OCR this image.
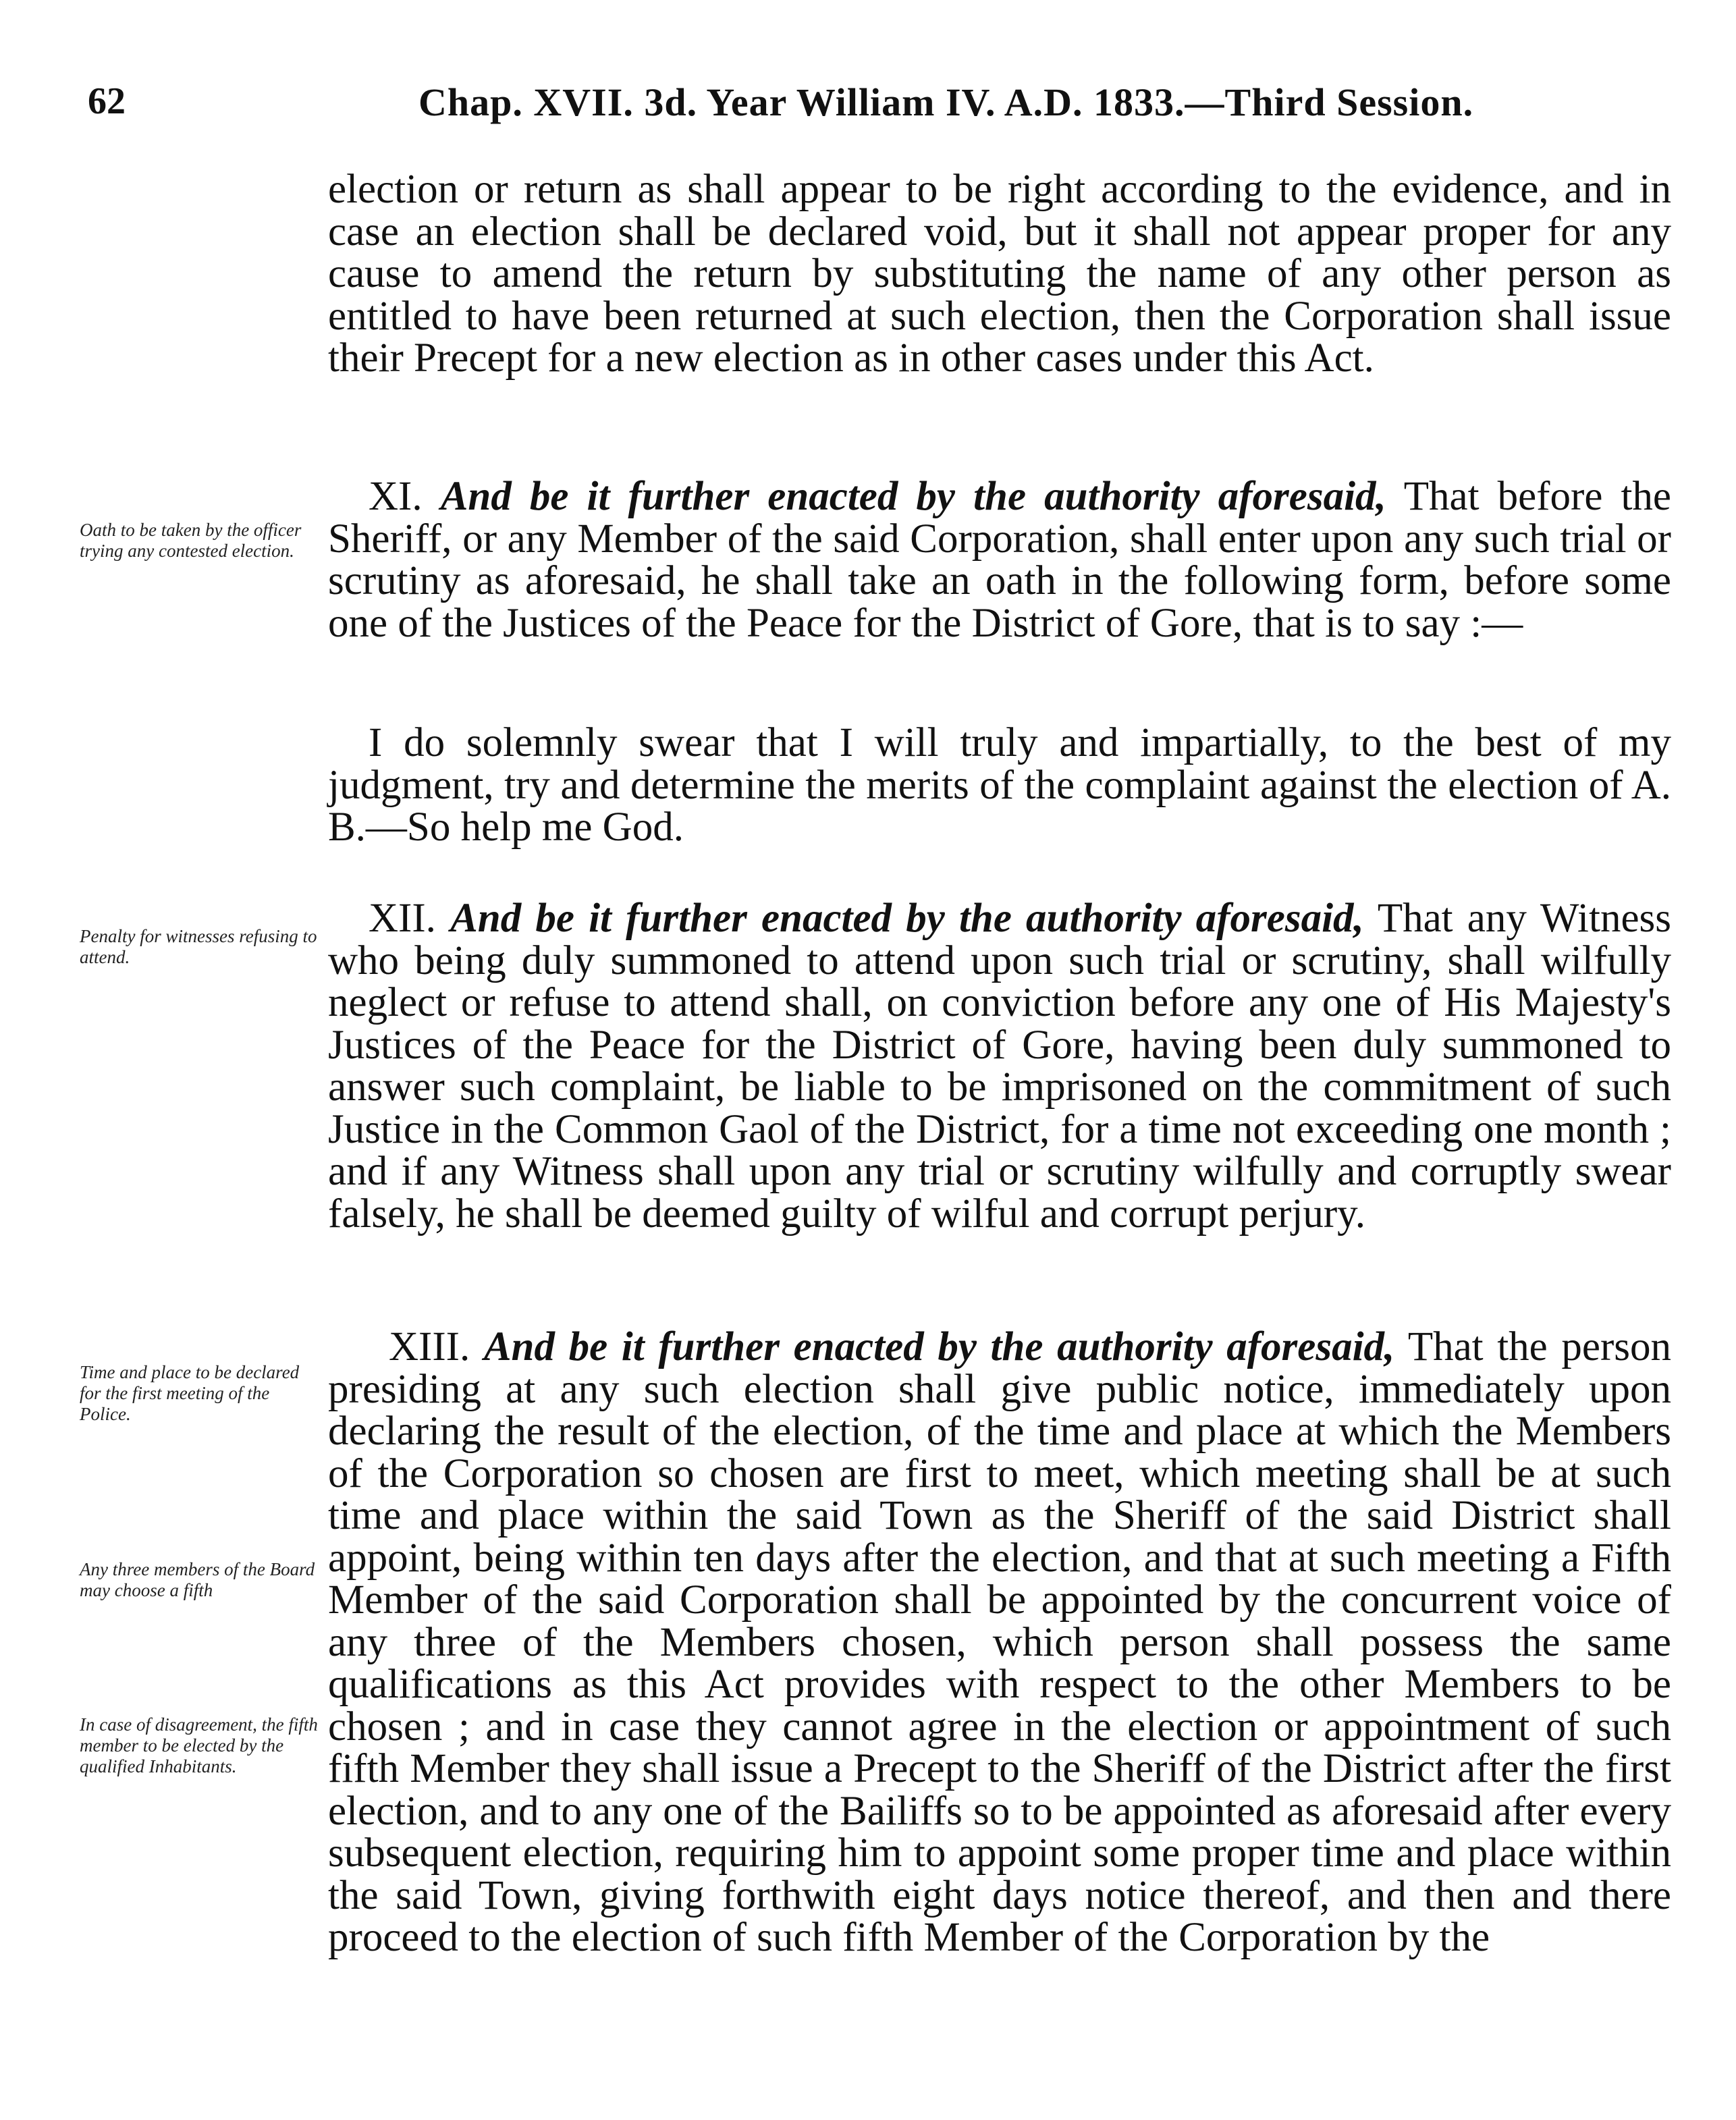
62	Chap. XVII. 3d. Year William IV. A.D. 1833.—Third Session.

election or return as shall appear to be right according to the evidence, and in case an election shall be declared void, but it shall not appear proper for any cause to amend the return by substituting the name of any other person as entitled to have been returned at such election, then the Corporation shall issue their Precept for a new election as in other cases under this Act.

Oath to be taken by the officer trying any contested election.

XI. And be it further enacted by the authority aforesaid, That before the Sheriff, or any Member of the said Corporation, shall enter upon any such trial or scrutiny as aforesaid, he shall take an oath in the following form, before some one of the Justices of the Peace for the District of Gore, that is to say :—

I do solemnly swear that I will truly and impartially, to the best of my judgment, try and determine the merits of the complaint against the election of A. B.—So help me God.

Penalty for witnesses refusing to attend.

XII. And be it further enacted by the authority aforesaid, That any Witness who being duly summoned to attend upon such trial or scrutiny, shall wilfully neglect or refuse to attend shall, on conviction before any one of His Majesty's Justices of the Peace for the District of Gore, having been duly summoned to answer such complaint, be liable to be imprisoned on the commitment of such Justice in the Common Gaol of the District, for a time not exceeding one month ; and if any Witness shall upon any trial or scrutiny wilfully and corruptly swear falsely, he shall be deemed guilty of wilful and corrupt perjury.

Time and place to be declared for the first meeting of the Police.
Any three members of the Board may choose a fifth
In case of disagreement, the fifth member to be elected by the qualified Inhabitants.

XIII. And be it further enacted by the authority aforesaid, That the person presiding at any such election shall give public notice, immediately upon declaring the result of the election, of the time and place at which the Members of the Corporation so chosen are first to meet, which meeting shall be at such time and place within the said Town as the Sheriff of the said District shall appoint, being within ten days after the election, and that at such meeting a Fifth Member of the said Corporation shall be appointed by the concurrent voice of any three of the Members chosen, which person shall possess the same qualifications as this Act provides with respect to the other Members to be chosen ; and in case they cannot agree in the election or appointment of such fifth Member they shall issue a Precept to the Sheriff of the District after the first election, and to any one of the Bailiffs so to be appointed as aforesaid after every subsequent election, requiring him to appoint some proper time and place within the said Town, giving forthwith eight days notice thereof, and then and there proceed to the election of such fifth Member of the Corporation by the
